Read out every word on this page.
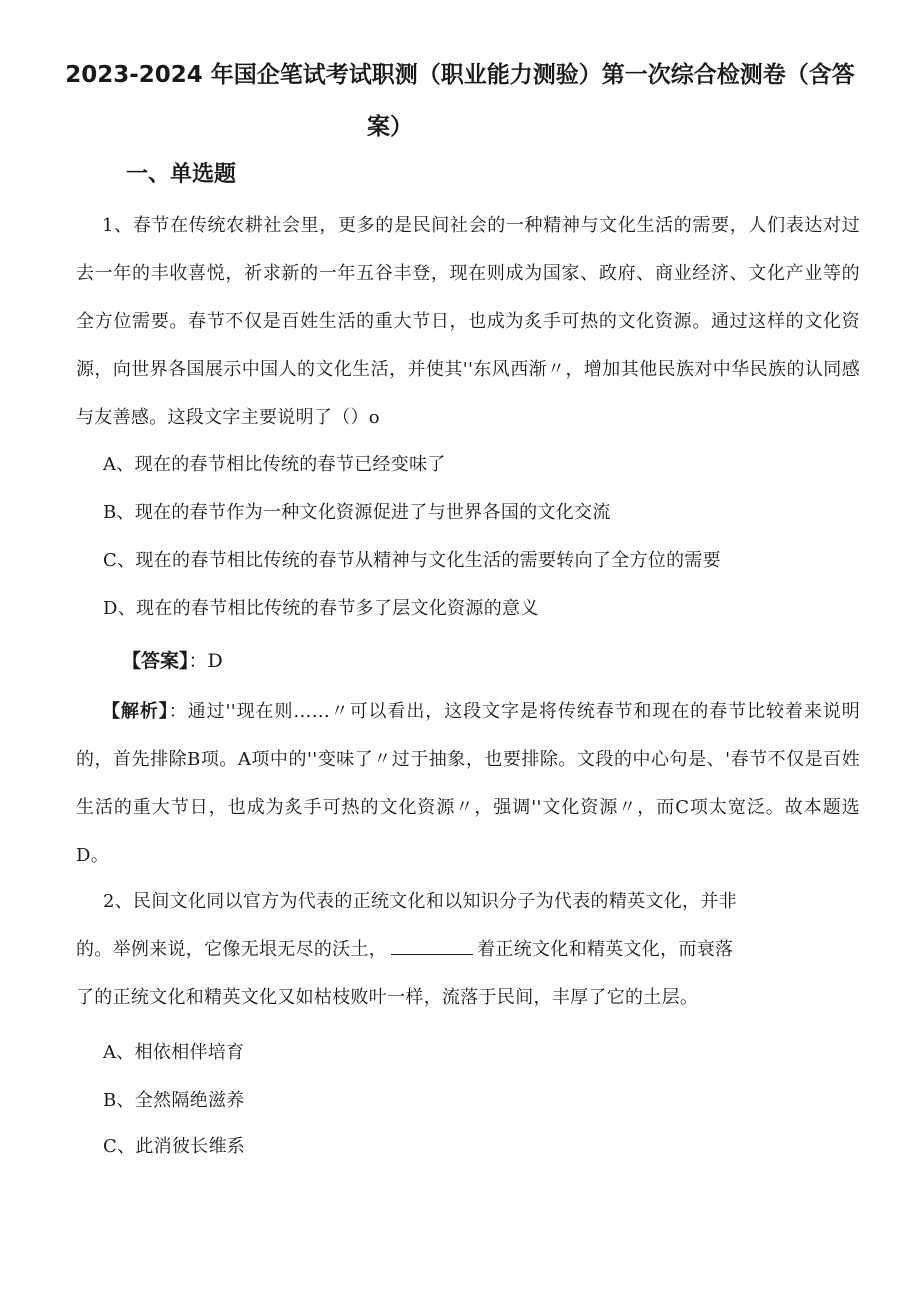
2023-2024 年国企笔试考试职测（职业能力测验）第一次综合检测卷（含答
案）
一、单选题

1、春节在传统农耕社会里，更多的是民间社会的一种精神与文化生活的需要，人们表达对过去一年的丰收喜悦，祈求新的一年五谷丰登，现在则成为国家、政府、商业经济、文化产业等的全方位需要。春节不仅是百姓生活的重大节日，也成为炙手可热的文化资源。通过这样的文化资源，向世界各国展示中国人的文化生活，并使其''东风西渐〃，增加其他民族对中华民族的认同感与友善感。这段文字主要说明了（）o

A、现在的春节相比传统的春节已经变味了

B、现在的春节作为一种文化资源促进了与世界各国的文化交流

C、现在的春节相比传统的春节从精神与文化生活的需要转向了全方位的需要

D、现在的春节相比传统的春节多了层文化资源的意义

【答案】：D

【解析】：通过''现在则……〃可以看出，这段文字是将传统春节和现在的春节比较着来说明的，首先排除B项。A项中的''变味了〃过于抽象，也要排除。文段的中心句是、'春节不仅是百姓生活的重大节日，也成为炙手可热的文化资源〃，强调''文化资源〃，而C项太宽泛。故本题选D。

2、民间文化同以官方为代表的正统文化和以知识分子为代表的精英文化，并非

的。举例来说，它像无垠无尽的沃土，	着正统文化和精英文化，而衰落

了的正统文化和精英文化又如枯枝败叶一样，流落于民间，丰厚了它的土层。

A、相依相伴培育

B、全然隔绝滋养

C、此消彼长维系
